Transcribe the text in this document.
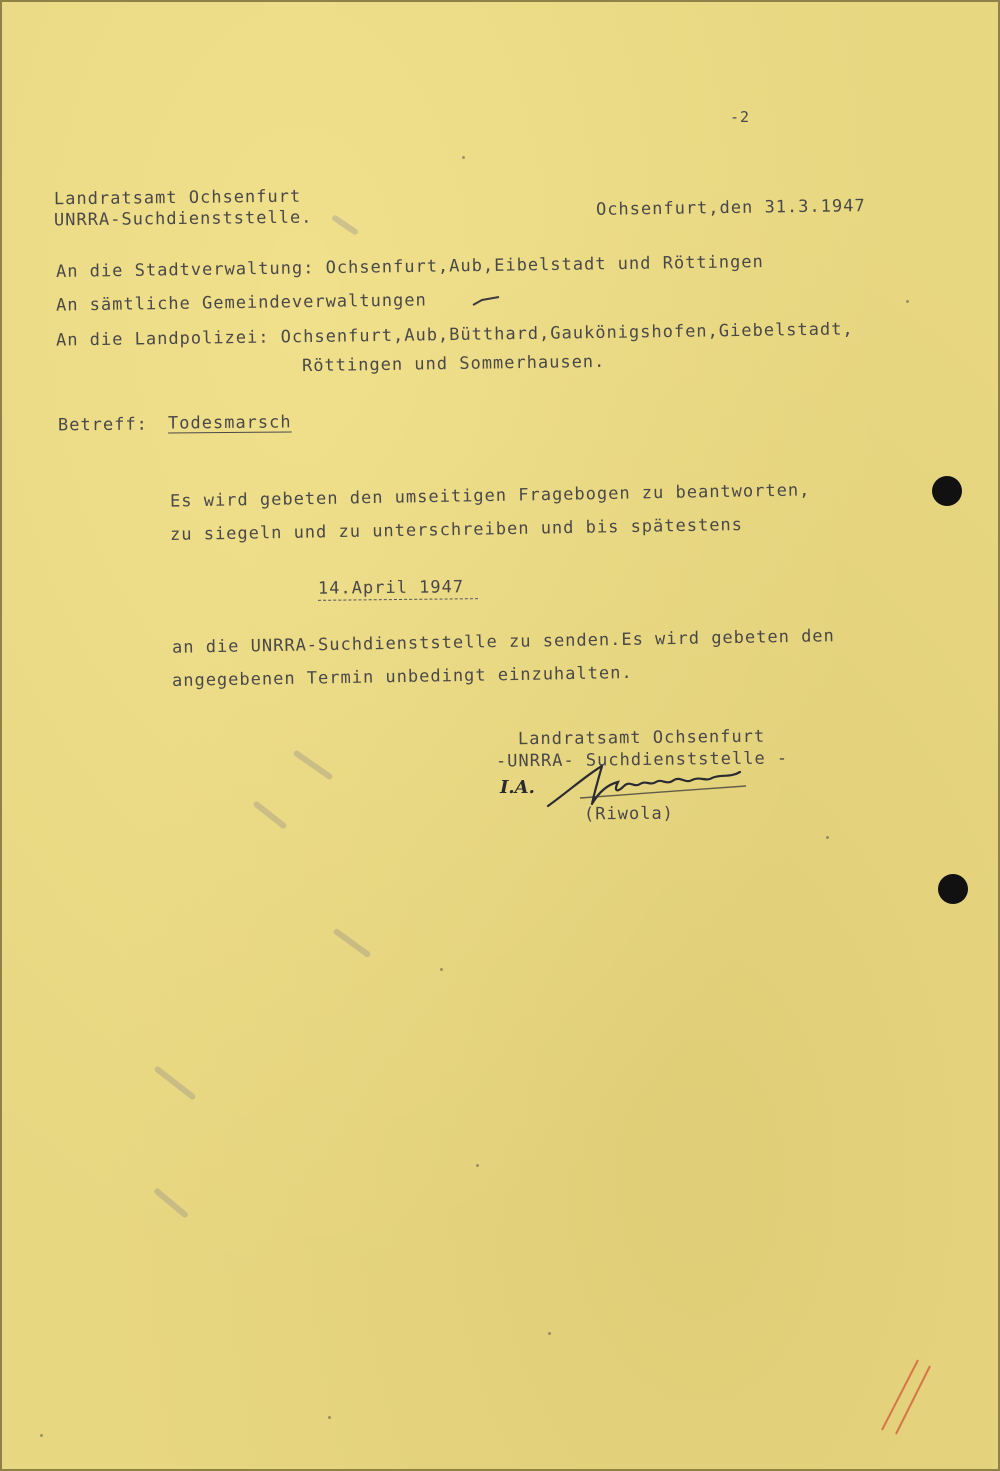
-2
Landratsamt Ochsenfurt
UNRRA-Suchdienststelle.	Ochsenfurt,den 31.3.1947
An die Stadtverwaltung: Ochsenfurt,Aub,Eibelstadt und Röttingen
An sämtliche Gemeindeverwaltungen
An die Landpolizei: Ochsenfurt,Aub,Bütthard,Gaukönigshofen,Giebelstadt,
Röttingen und Sommerhausen.
Betreff: Todesmarsch
Es wird gebeten den umseitigen Fragebogen zu beantworten,
zu siegeln und zu unterschreiben und bis spätestens
14.April 1947
an die UNRRA-Suchdienststelle zu senden.Es wird gebeten den
angegebenen Termin unbedingt einzuhalten.
Landratsamt Ochsenfurt
-UNRRA- Suchdienststelle -
I.A.
(Riwola)
